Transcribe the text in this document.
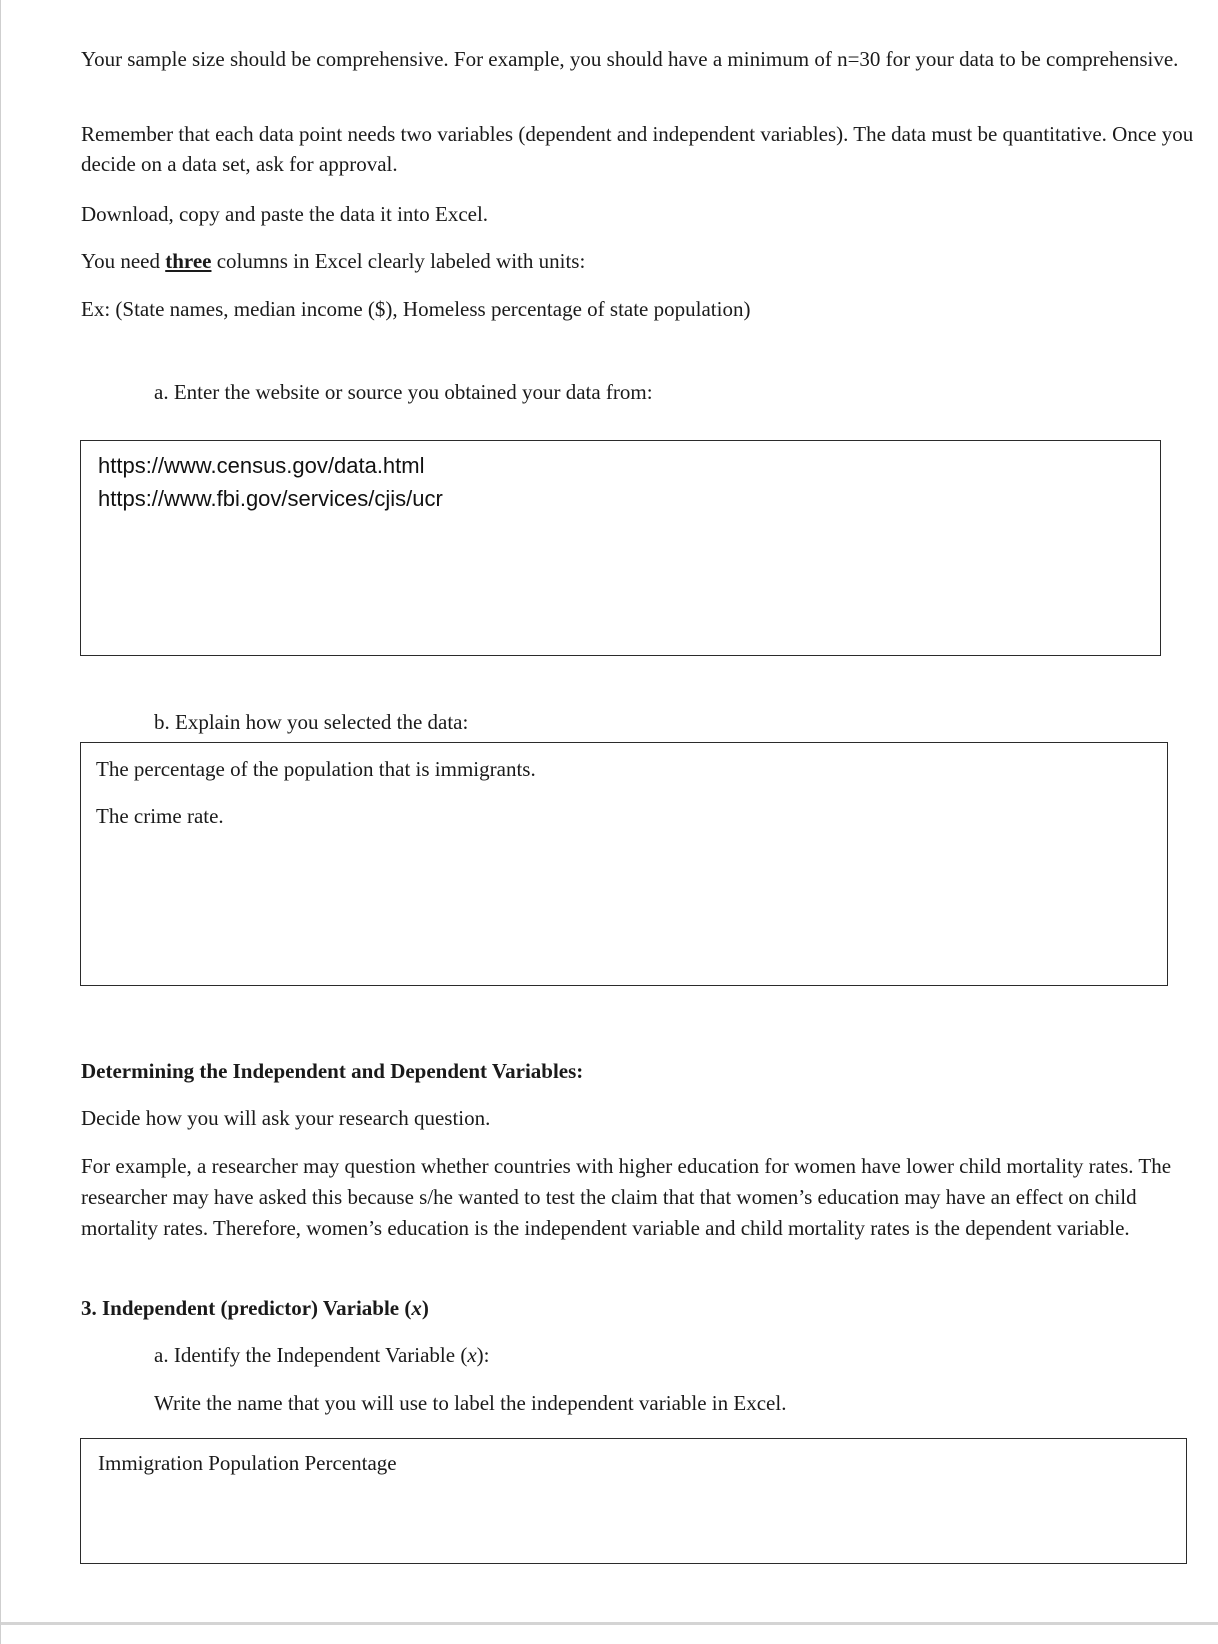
Your sample size should be comprehensive. For example, you should have a minimum of n=30 for your data to be comprehensive.
Remember that each data point needs two variables (dependent and independent variables). The data must be quantitative. Once you decide on a data set, ask for approval.
Download, copy and paste the data it into Excel.
You need three columns in Excel clearly labeled with units:
Ex: (State names, median income ($), Homeless percentage of state population)
a. Enter the website or source you obtained your data from:
https://www.census.gov/data.html
https://www.fbi.gov/services/cjis/ucr
b. Explain how you selected the data:
The percentage of the population that is immigrants.
The crime rate.
Determining the Independent and Dependent Variables:
Decide how you will ask your research question.
For example, a researcher may question whether countries with higher education for women have lower child mortality rates. The researcher may have asked this because s/he wanted to test the claim that that women’s education may have an effect on child mortality rates. Therefore, women’s education is the independent variable and child mortality rates is the dependent variable.
3. Independent (predictor) Variable (x)
a. Identify the Independent Variable (x):
Write the name that you will use to label the independent variable in Excel.
Immigration Population Percentage
